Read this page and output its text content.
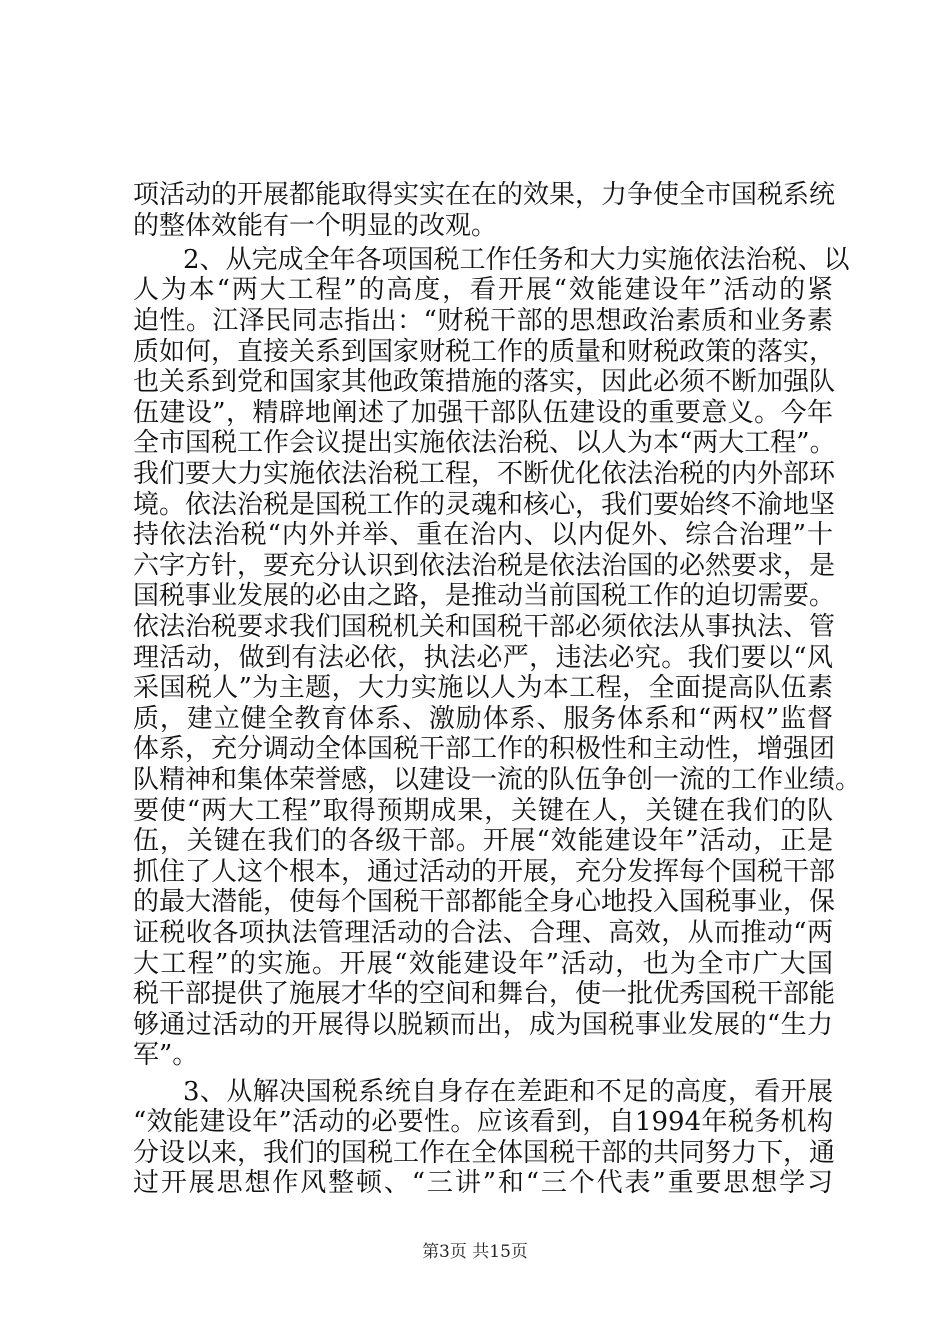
项活动的开展都能取得实实在在的效果，力争使全市国税系统
的整体效能有一个明显的改观。
2、从完成全年各项国税工作任务和大力实施依法治税、以
人为本“两大工程”的高度，看开展“效能建设年”活动的紧
迫性。江泽民同志指出：“财税干部的思想政治素质和业务素
质如何，直接关系到国家财税工作的质量和财税政策的落实，
也关系到党和国家其他政策措施的落实，因此必须不断加强队
伍建设”，精辟地阐述了加强干部队伍建设的重要意义。今年
全市国税工作会议提出实施依法治税、以人为本“两大工程”。
我们要大力实施依法治税工程，不断优化依法治税的内外部环
境。依法治税是国税工作的灵魂和核心，我们要始终不渝地坚
持依法治税“内外并举、重在治内、以内促外、综合治理”十
六字方针，要充分认识到依法治税是依法治国的必然要求，是
国税事业发展的必由之路，是推动当前国税工作的迫切需要。
依法治税要求我们国税机关和国税干部必须依法从事执法、管
理活动，做到有法必依，执法必严，违法必究。我们要以“风
采国税人”为主题，大力实施以人为本工程，全面提高队伍素
质，建立健全教育体系、激励体系、服务体系和“两权”监督
体系，充分调动全体国税干部工作的积极性和主动性，增强团
队精神和集体荣誉感，以建设一流的队伍争创一流的工作业绩。
要使“两大工程”取得预期成果，关键在人，关键在我们的队
伍，关键在我们的各级干部。开展“效能建设年”活动，正是
抓住了人这个根本，通过活动的开展，充分发挥每个国税干部
的最大潜能，使每个国税干部都能全身心地投入国税事业，保
证税收各项执法管理活动的合法、合理、高效，从而推动“两
大工程”的实施。开展“效能建设年”活动，也为全市广大国
税干部提供了施展才华的空间和舞台，使一批优秀国税干部能
够通过活动的开展得以脱颖而出，成为国税事业发展的“生力
军”。
3、从解决国税系统自身存在差距和不足的高度，看开展
“效能建设年”活动的必要性。应该看到，自1994年税务机构
分设以来，我们的国税工作在全体国税干部的共同努力下，通
过开展思想作风整顿、“三讲”和“三个代表”重要思想学习
第3页 共15页
